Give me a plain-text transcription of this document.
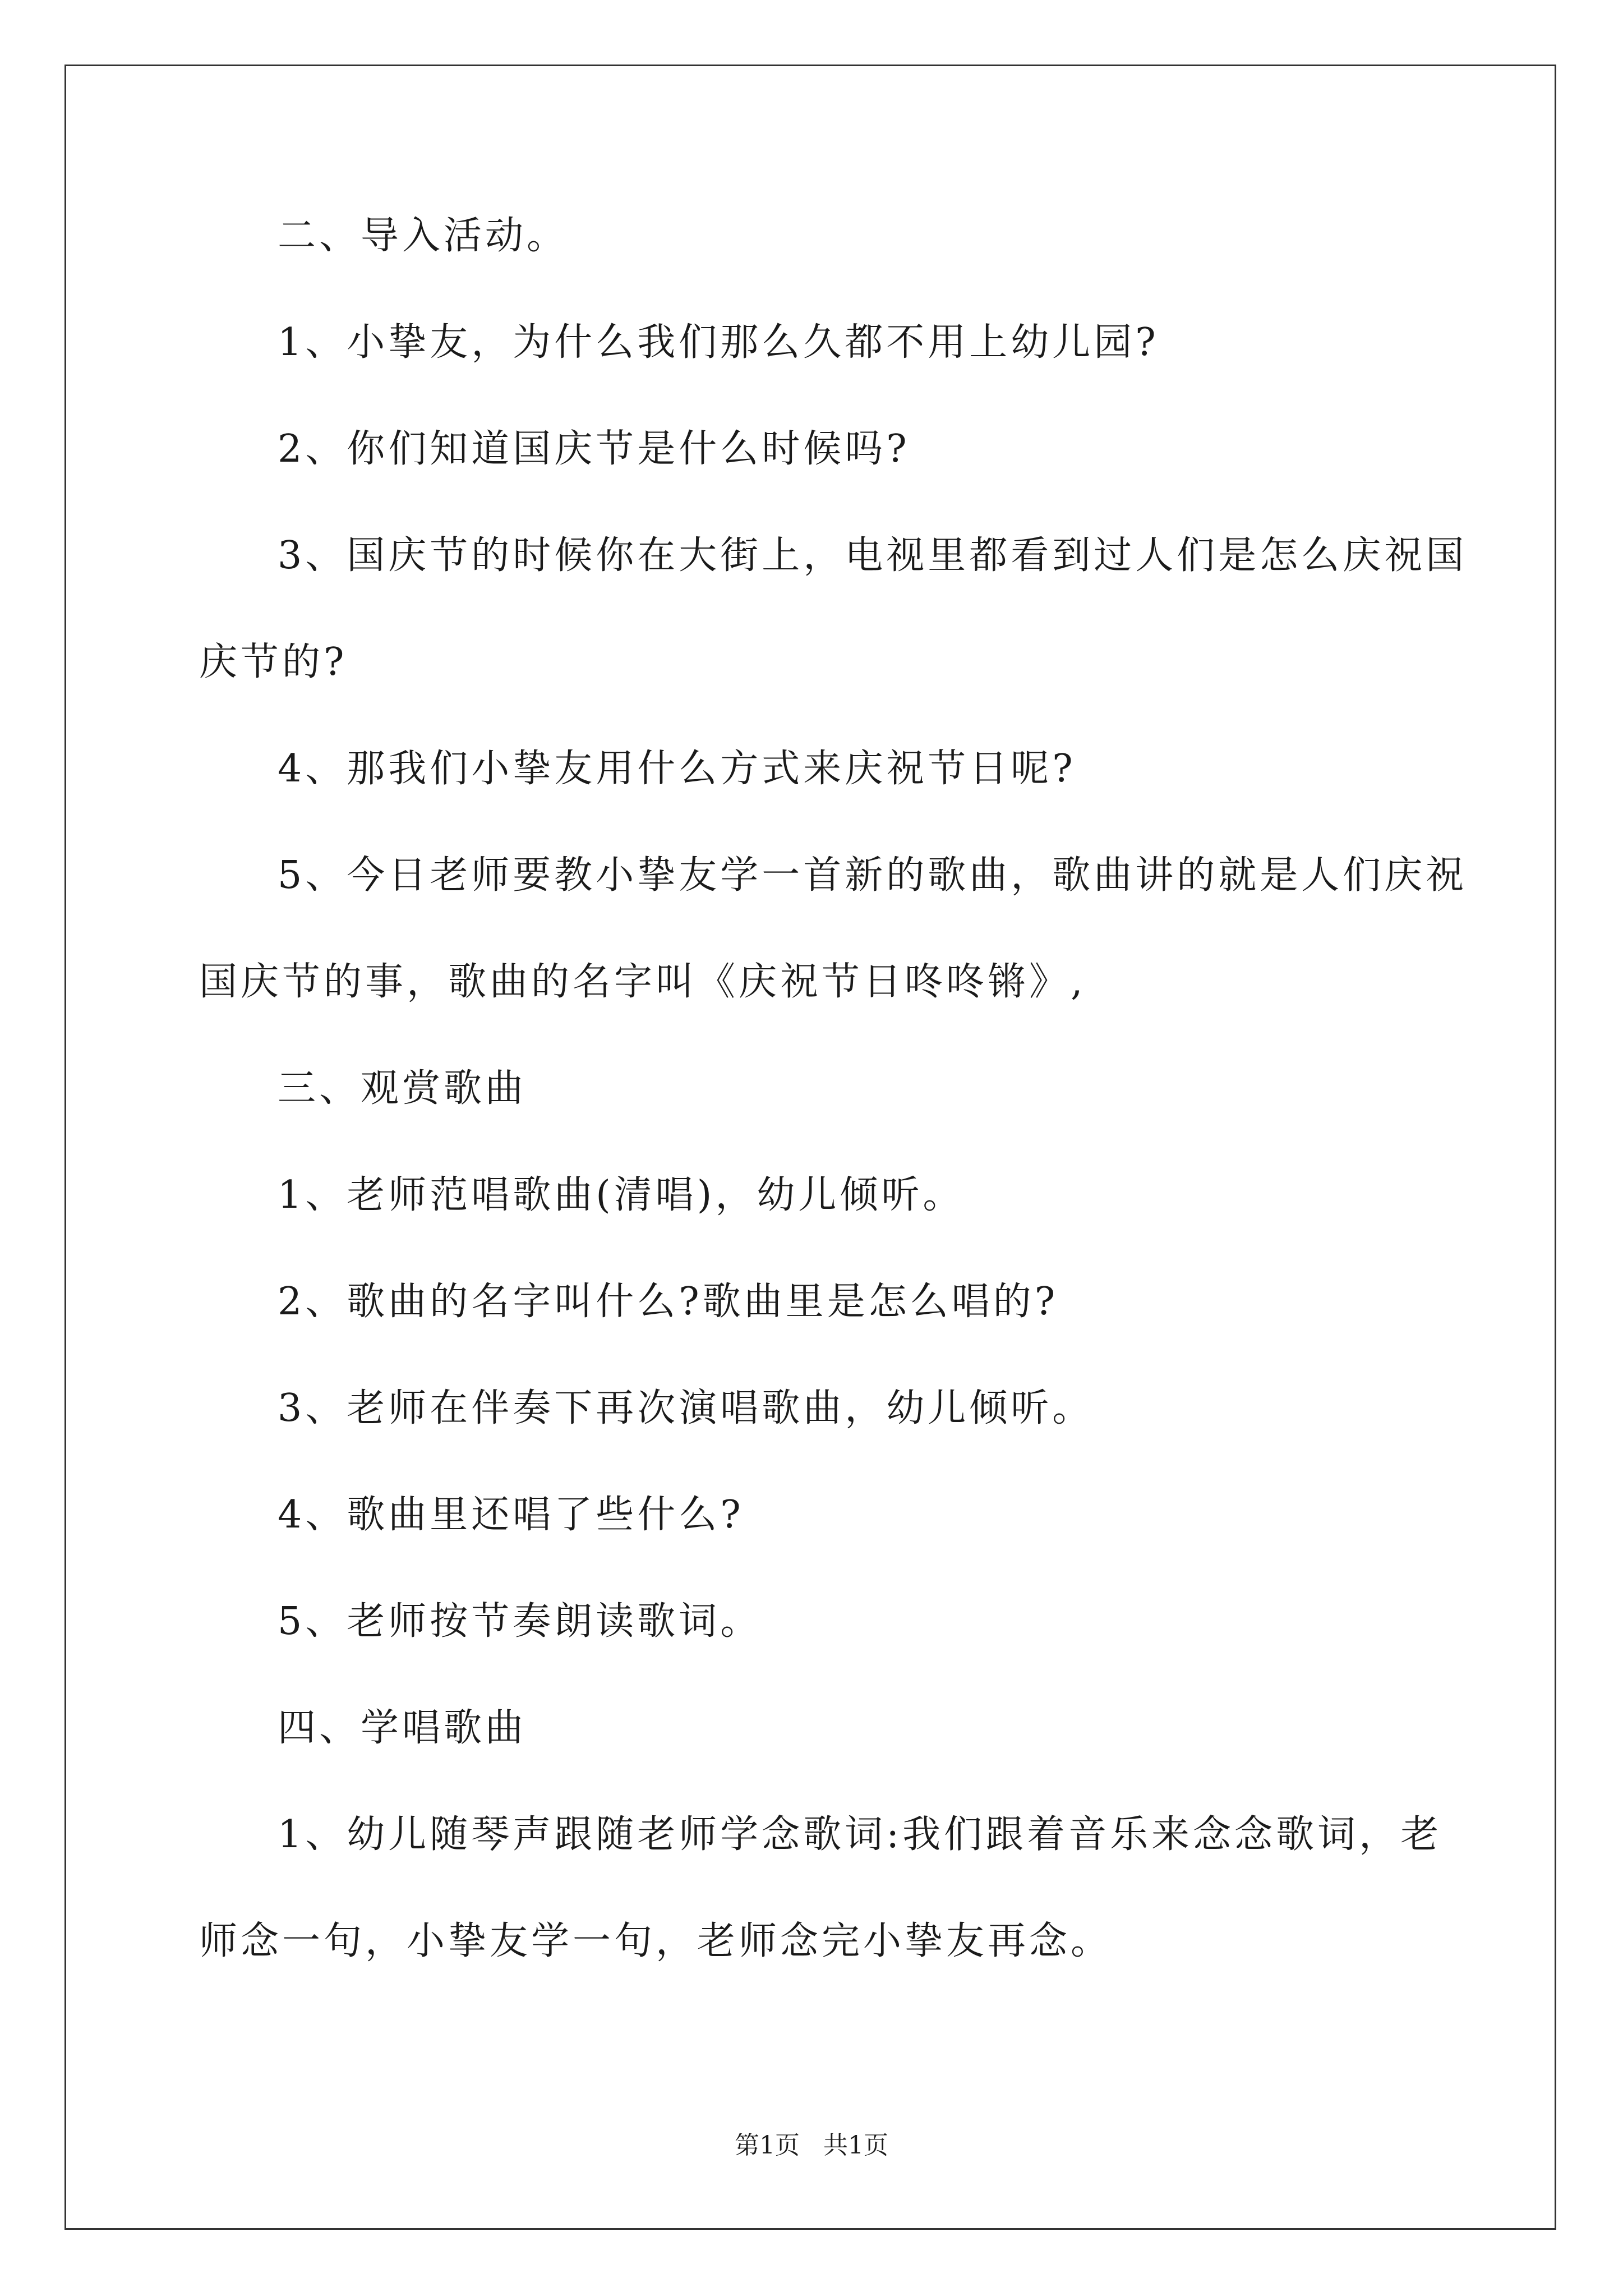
二、导入活动。
1、小挚友，为什么我们那么久都不用上幼儿园?
2、你们知道国庆节是什么时候吗?
3、国庆节的时候你在大街上，电视里都看到过人们是怎么庆祝国
庆节的?
4、那我们小挚友用什么方式来庆祝节日呢?
5、今日老师要教小挚友学一首新的歌曲，歌曲讲的就是人们庆祝
国庆节的事，歌曲的名字叫《庆祝节日咚咚锵》,
三、观赏歌曲
1、老师范唱歌曲(清唱)，幼儿倾听。
2、歌曲的名字叫什么?歌曲里是怎么唱的?
3、老师在伴奏下再次演唱歌曲，幼儿倾听。
4、歌曲里还唱了些什么?
5、老师按节奏朗读歌词。
四、学唱歌曲
1、幼儿随琴声跟随老师学念歌词:我们跟着音乐来念念歌词，老
师念一句，小挚友学一句，老师念完小挚友再念。
第1页   共1页
